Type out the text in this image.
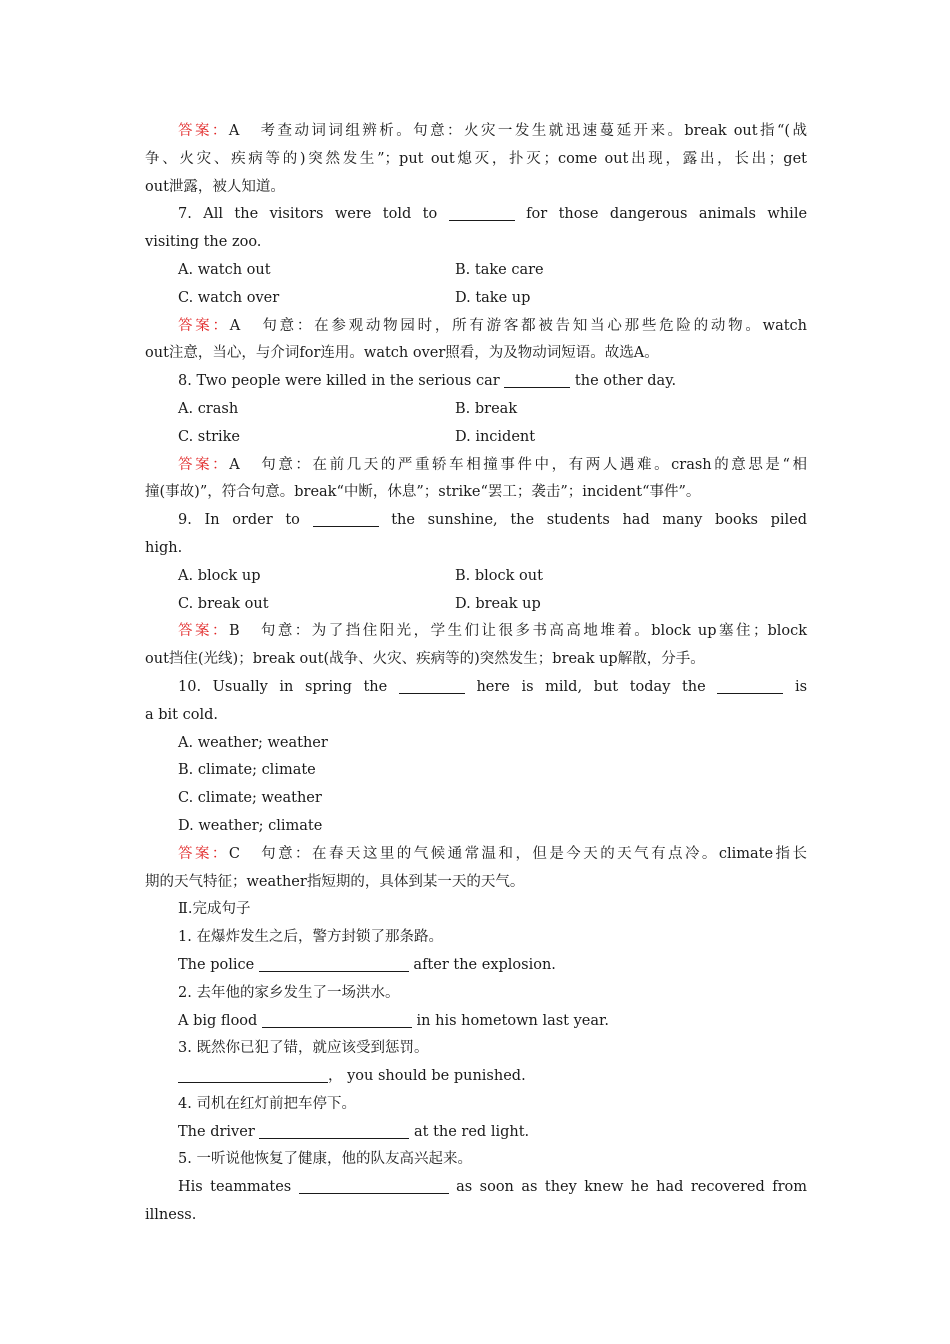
答案：A 考查动词词组辨析。句意：火灾一发生就迅速蔓延开来。break out指“(战
争、火灾、疾病等的)突然发生”；put out熄灭，扑灭；come out出现，露出，长出；get
out泄露，被人知道。
7. All the visitors were told to	for those dangerous animals while
visiting the zoo.
A. watch out	B. take care
C. watch over	D. take up
答案：A 句意：在参观动物园时，所有游客都被告知当心那些危险的动物。watch
out注意，当心，与介词for连用。watch over照看，为及物动词短语。故选A。
8. Two people were killed in the serious car	the other day.
A. crash	B. break
C. strike	D. incident
答案：A 句意：在前几天的严重轿车相撞事件中，有两人遇难。crash的意思是“相
撞(事故)”，符合句意。break“中断，休息”；strike“罢工；袭击”；incident“事件”。
9. In order to	the sunshine, the students had many books piled
high.
A. block up	B. block out
C. break out	D. break up
答案：B 句意：为了挡住阳光，学生们让很多书高高地堆着。block up塞住；block
out挡住(光线)；break out(战争、火灾、疾病等的)突然发生；break up解散，分手。
10. Usually in spring the	here is mild, but today the	is
a bit cold.
A. weather; weather
B. climate; climate
C. climate; weather
D. weather; climate
答案：C 句意：在春天这里的气候通常温和，但是今天的天气有点冷。climate指长
期的天气特征；weather指短期的，具体到某一天的天气。
Ⅱ.完成句子
1. 在爆炸发生之后，警方封锁了那条路。
The police	after the explosion.
2. 去年他的家乡发生了一场洪水。
A big flood	in his hometown last year.
3. 既然你已犯了错，就应该受到惩罚。
， you should be punished.
4. 司机在红灯前把车停下。
The driver	at the red light.
5. 一听说他恢复了健康，他的队友高兴起来。
His teammates	as soon as they knew he had recovered from
illness.
